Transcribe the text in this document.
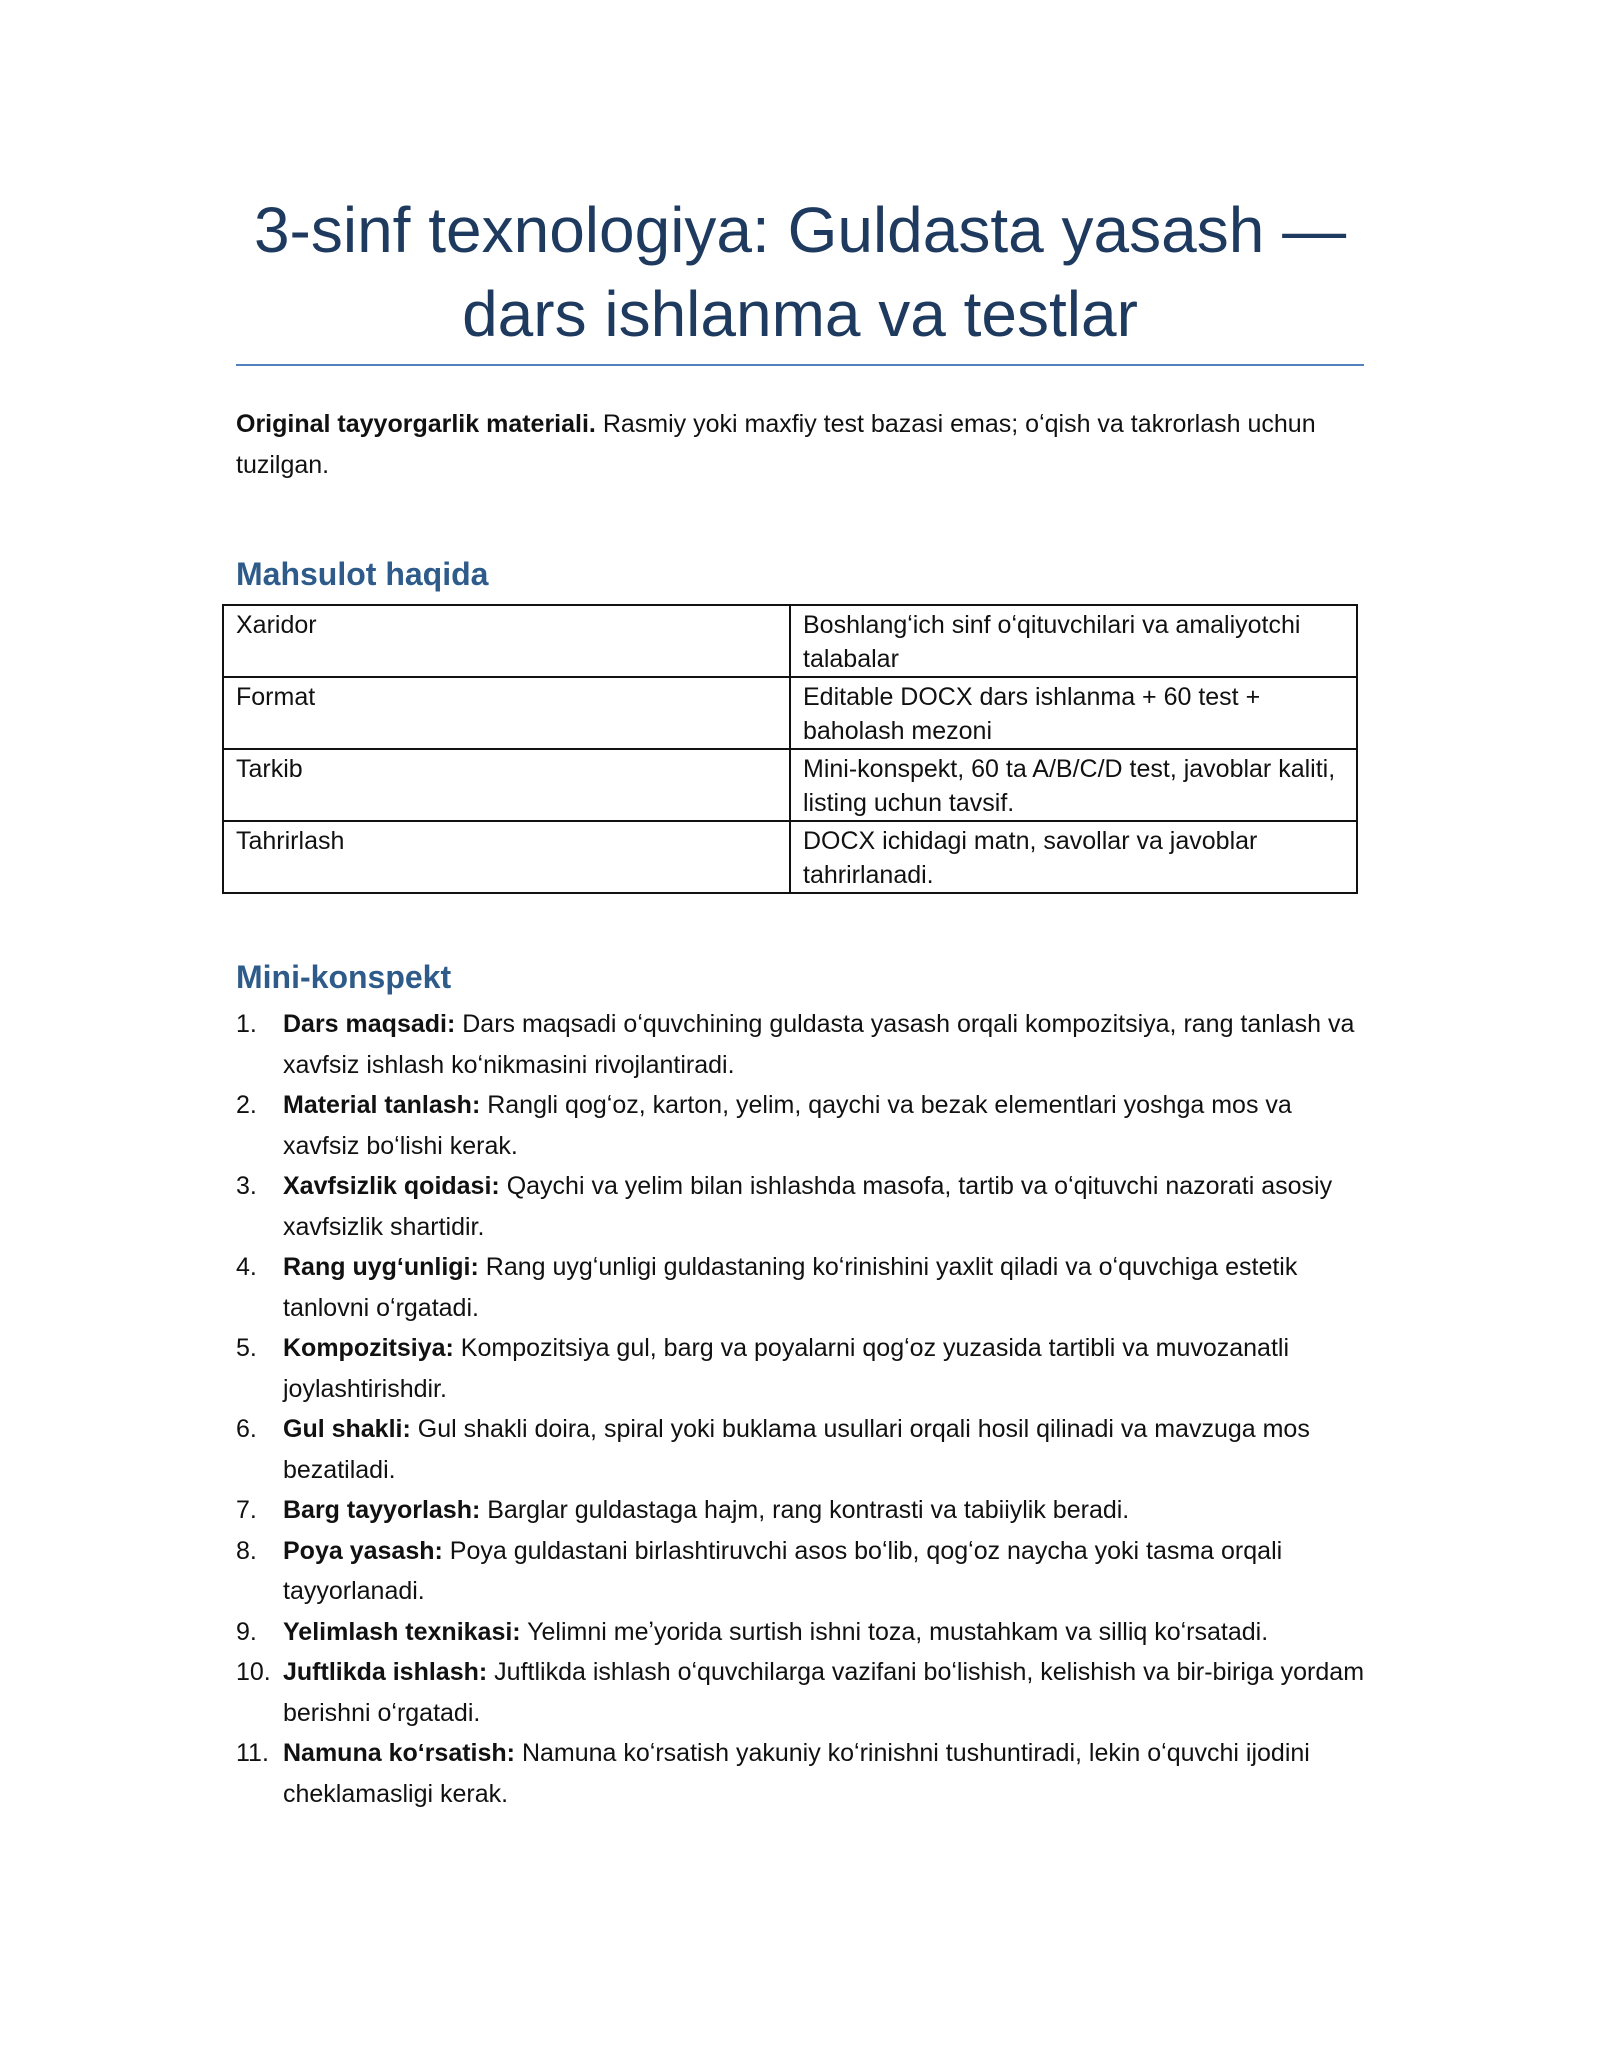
3-sinf texnologiya: Guldasta yasash —
dars ishlanma va testlar

Original tayyorgarlik materiali. Rasmiy yoki maxfiy test bazasi emas; oʻqish va takrorlash uchun tuzilgan.

Mahsulot haqida
Xaridor	Boshlangʻich sinf oʻqituvchilari va amaliyotchi talabalar
Format	Editable DOCX dars ishlanma + 60 test + baholash mezoni
Tarkib	Mini-konspekt, 60 ta A/B/C/D test, javoblar kaliti, listing uchun tavsif.
Tahrirlash	DOCX ichidagi matn, savollar va javoblar tahrirlanadi.
Mini-konspekt
1. Dars maqsadi: Dars maqsadi oʻquvchining guldasta yasash orqali kompozitsiya, rang tanlash va xavfsiz ishlash koʻnikmasini rivojlantiradi.
2. Material tanlash: Rangli qogʻoz, karton, yelim, qaychi va bezak elementlari yoshga mos va xavfsiz boʻlishi kerak.
3. Xavfsizlik qoidasi: Qaychi va yelim bilan ishlashda masofa, tartib va oʻqituvchi nazorati asosiy xavfsizlik shartidir.
4. Rang uygʻunligi: Rang uygʻunligi guldastaning koʻrinishini yaxlit qiladi va oʻquvchiga estetik tanlovni oʻrgatadi.
5. Kompozitsiya: Kompozitsiya gul, barg va poyalarni qogʻoz yuzasida tartibli va muvozanatli joylashtirishdir.
6. Gul shakli: Gul shakli doira, spiral yoki buklama usullari orqali hosil qilinadi va mavzuga mos bezatiladi.
7. Barg tayyorlash: Barglar guldastaga hajm, rang kontrasti va tabiiylik beradi.
8. Poya yasash: Poya guldastani birlashtiruvchi asos boʻlib, qogʻoz naycha yoki tasma orqali tayyorlanadi.
9. Yelimlash texnikasi: Yelimni meʼyorida surtish ishni toza, mustahkam va silliq koʻrsatadi.
10. Juftlikda ishlash: Juftlikda ishlash oʻquvchilarga vazifani boʻlishish, kelishish va bir-biriga yordam berishni oʻrgatadi.
11. Namuna koʻrsatish: Namuna koʻrsatish yakuniy koʻrinishni tushuntiradi, lekin oʻquvchi ijodini cheklamasligi kerak.
